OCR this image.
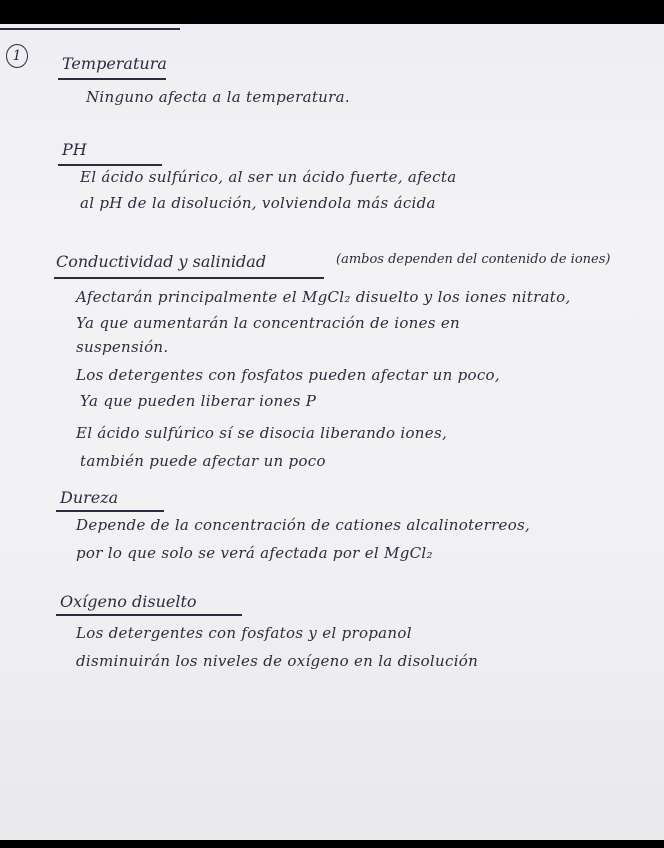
1	Temperatura
Ninguno afecta a la temperatura.
PH
El ácido sulfúrico, al ser un ácido fuerte, afecta
al pH de la disolución, volviendola más ácida
Conductividad y salinidad	(ambos dependen del contenido de iones)
Afectarán principalmente el MgCl₂ disuelto y los iones nitrato,
Ya que aumentarán la concentración de iones en
suspensión.
Los detergentes con fosfatos pueden afectar un poco,
Ya que pueden liberar iones P
El ácido sulfúrico sí se disocia liberando iones,
también puede afectar un poco
Dureza
Depende de la concentración de cationes alcalinoterreos,
por lo que solo se verá afectada por el MgCl₂
Oxígeno disuelto
Los detergentes con fosfatos y el propanol
disminuirán los niveles de oxígeno en la disolución
